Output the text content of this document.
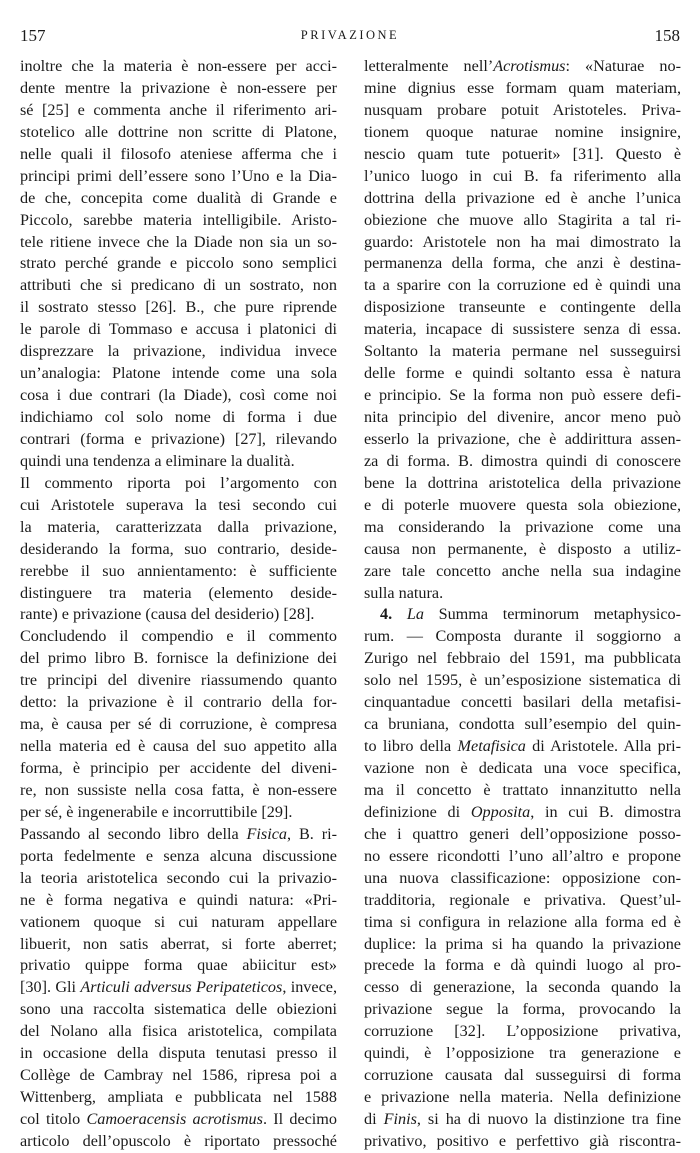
157	PRIVAZIONE	158
inoltre che la materia è non-essere per acci-
dente mentre la privazione è non-essere per
sé [25] e commenta anche il riferimento ari-
stotelico alle dottrine non scritte di Platone,
nelle quali il filosofo ateniese afferma che i
principi primi dell’essere sono l’Uno e la Dia-
de che, concepita come dualità di Grande e
Piccolo, sarebbe materia intelligibile. Aristo-
tele ritiene invece che la Diade non sia un so-
strato perché grande e piccolo sono semplici
attributi che si predicano di un sostrato, non
il sostrato stesso [26]. B., che pure riprende
le parole di Tommaso e accusa i platonici di
disprezzare la privazione, individua invece
un’analogia: Platone intende come una sola
cosa i due contrari (la Diade), così come noi
indichiamo col solo nome di forma i due
contrari (forma e privazione) [27], rilevando
quindi una tendenza a eliminare la dualità.
Il commento riporta poi l’argomento con
cui Aristotele superava la tesi secondo cui
la materia, caratterizzata dalla privazione,
desiderando la forma, suo contrario, deside-
rerebbe il suo annientamento: è sufficiente
distinguere tra materia (elemento deside-
rante) e privazione (causa del desiderio) [28].
Concludendo il compendio e il commento
del primo libro B. fornisce la definizione dei
tre principi del divenire riassumendo quanto
detto: la privazione è il contrario della for-
ma, è causa per sé di corruzione, è compresa
nella materia ed è causa del suo appetito alla
forma, è principio per accidente del diveni-
re, non sussiste nella cosa fatta, è non-essere
per sé, è ingenerabile e incorruttibile [29].
Passando al secondo libro della Fisica, B. ri-
porta fedelmente e senza alcuna discussione
la teoria aristotelica secondo cui la privazio-
ne è forma negativa e quindi natura: «Pri-
vationem quoque si cui naturam appellare
libuerit, non satis aberrat, si forte aberret;
privatio quippe forma quae abiicitur est»
[30]. Gli Articuli adversus Peripateticos, invece,
sono una raccolta sistematica delle obiezioni
del Nolano alla fisica aristotelica, compilata
in occasione della disputa tenutasi presso il
Collège de Cambray nel 1586, ripresa poi a
Wittenberg, ampliata e pubblicata nel 1588
col titolo Camoeracensis acrotismus. Il decimo
articolo dell’opuscolo è riportato pressoché
letteralmente nell’Acrotismus: «Naturae no-
mine dignius esse formam quam materiam,
nusquam probare potuit Aristoteles. Priva-
tionem quoque naturae nomine insignire,
nescio quam tute potuerit» [31]. Questo è
l’unico luogo in cui B. fa riferimento alla
dottrina della privazione ed è anche l’unica
obiezione che muove allo Stagirita a tal ri-
guardo: Aristotele non ha mai dimostrato la
permanenza della forma, che anzi è destina-
ta a sparire con la corruzione ed è quindi una
disposizione transeunte e contingente della
materia, incapace di sussistere senza di essa.
Soltanto la materia permane nel susseguirsi
delle forme e quindi soltanto essa è natura
e principio. Se la forma non può essere defi-
nita principio del divenire, ancor meno può
esserlo la privazione, che è addirittura assen-
za di forma. B. dimostra quindi di conoscere
bene la dottrina aristotelica della privazione
e di poterle muovere questa sola obiezione,
ma considerando la privazione come una
causa non permanente, è disposto a utiliz-
zare tale concetto anche nella sua indagine
sulla natura.
4. La Summa terminorum metaphysico-
rum. — Composta durante il soggiorno a
Zurigo nel febbraio del 1591, ma pubblicata
solo nel 1595, è un’esposizione sistematica di
cinquantadue concetti basilari della metafisi-
ca bruniana, condotta sull’esempio del quin-
to libro della Metafisica di Aristotele. Alla pri-
vazione non è dedicata una voce specifica,
ma il concetto è trattato innanzitutto nella
definizione di Opposita, in cui B. dimostra
che i quattro generi dell’opposizione posso-
no essere ricondotti l’uno all’altro e propone
una nuova classificazione: opposizione con-
tradditoria, regionale e privativa. Quest’ul-
tima si configura in relazione alla forma ed è
duplice: la prima si ha quando la privazione
precede la forma e dà quindi luogo al pro-
cesso di generazione, la seconda quando la
privazione segue la forma, provocando la
corruzione [32]. L’opposizione privativa,
quindi, è l’opposizione tra generazione e
corruzione causata dal susseguirsi di forma
e privazione nella materia. Nella definizione
di Finis, si ha di nuovo la distinzione tra fine
privativo, positivo e perfettivo già riscontra-
